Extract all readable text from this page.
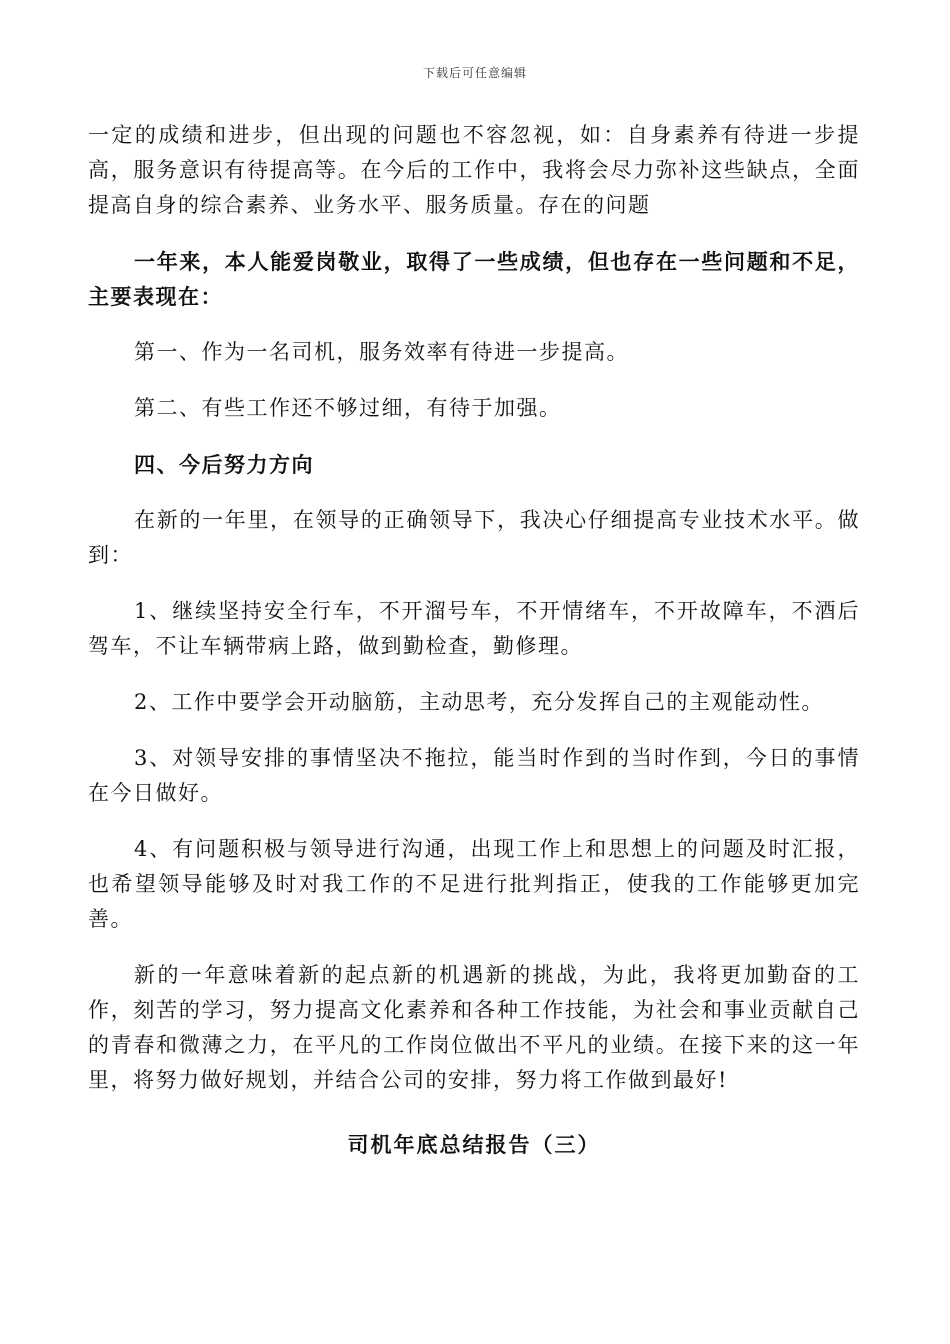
下载后可任意编辑

一定的成绩和进步，但出现的问题也不容忽视，如：自身素养有待进一步提高，服务意识有待提高等。在今后的工作中，我将会尽力弥补这些缺点，全面提高自身的综合素养、业务水平、服务质量。存在的问题

一年来，本人能爱岗敬业，取得了一些成绩，但也存在一些问题和不足，主要表现在：

第一、作为一名司机，服务效率有待进一步提高。

第二、有些工作还不够过细，有待于加强。

四、今后努力方向

在新的一年里，在领导的正确领导下，我决心仔细提高专业技术水平。做到：

1、继续坚持安全行车，不开溜号车，不开情绪车，不开故障车，不酒后驾车，不让车辆带病上路，做到勤检查，勤修理。

2、工作中要学会开动脑筋，主动思考，充分发挥自己的主观能动性。

3、对领导安排的事情坚决不拖拉，能当时作到的当时作到，今日的事情在今日做好。

4、有问题积极与领导进行沟通，出现工作上和思想上的问题及时汇报，也希望领导能够及时对我工作的不足进行批判指正，使我的工作能够更加完善。

新的一年意味着新的起点新的机遇新的挑战，为此，我将更加勤奋的工作，刻苦的学习，努力提高文化素养和各种工作技能，为社会和事业贡献自己的青春和微薄之力，在平凡的工作岗位做出不平凡的业绩。在接下来的这一年里，将努力做好规划，并结合公司的安排，努力将工作做到最好!

司机年底总结报告（三）
